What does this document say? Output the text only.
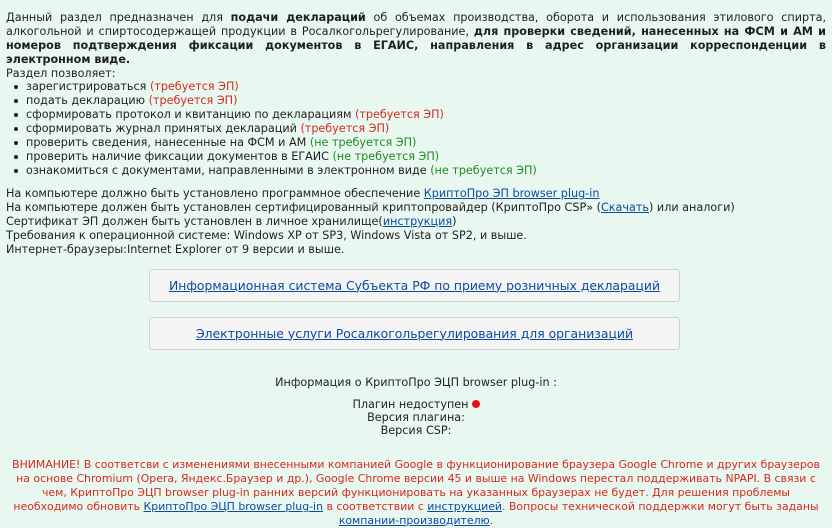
Данный раздел предназначен для подачи деклараций об объемах производства, оборота и использования этилового спирта, алкогольной и спиртосодержащей продукции в Росалкогольрегулирование, для проверки сведений, нанесенных на ФСМ и АМ и номеров подтверждения фиксации документов в ЕГАИС, направления в адрес организации корреспонденции в электронном виде.
Раздел позволяет:
зарегистрироваться (требуется ЭП)
подать декларацию (требуется ЭП)
сформировать протокол и квитанцию по декларациям (требуется ЭП)
сформировать журнал принятых деклараций (требуется ЭП)
проверить сведения, нанесенные на ФСМ и АМ (не требуется ЭП)
проверить наличие фиксации документов в ЕГАИС (не требуется ЭП)
ознакомиться с документами, направленными в электронном виде (не требуется ЭП)
На компьютере должно быть установлено программное обеспечение КриптоПро ЭП browser plug-in
На компьютере должен быть установлен сертифицированный криптопровайдер (КриптоПро CSP» (Скачать) или аналоги)
Сертификат ЭП должен быть установлен в личное хранилище(инструкция)
Требования к операционной системе: Windows XP от SP3, Windows Vista от SP2, и выше.
Интернет-браузеры:Internet Explorer от 9 версии и выше.
Информационная система Субъекта РФ по приему розничных деклараций
Электронные услуги Росалкогольрегулирования для организаций
Информация о КриптоПро ЭЦП browser plug-in :
Плагин недоступен
Версия плагина:
Версия CSP:
ВНИМАНИЕ! В соответсви с изменениями внесенными компанией Google в функционирование браузера Google Chrome и других браузеров на основе Chromium (Opera, Яндекс.Браузер и др.), Google Chrome версии 45 и выше на Windows перестал поддерживать NPAPI. В связи с чем, КриптоПро ЭЦП browser plug-in ранних версий функционировать на указанных браузерах не будет. Для решения проблемы необходимо обновить КриптоПро ЭЦП browser plug-in в соответствии с инструкцией. Вопросы технической поддержки могут быть заданы компании-производителю.
